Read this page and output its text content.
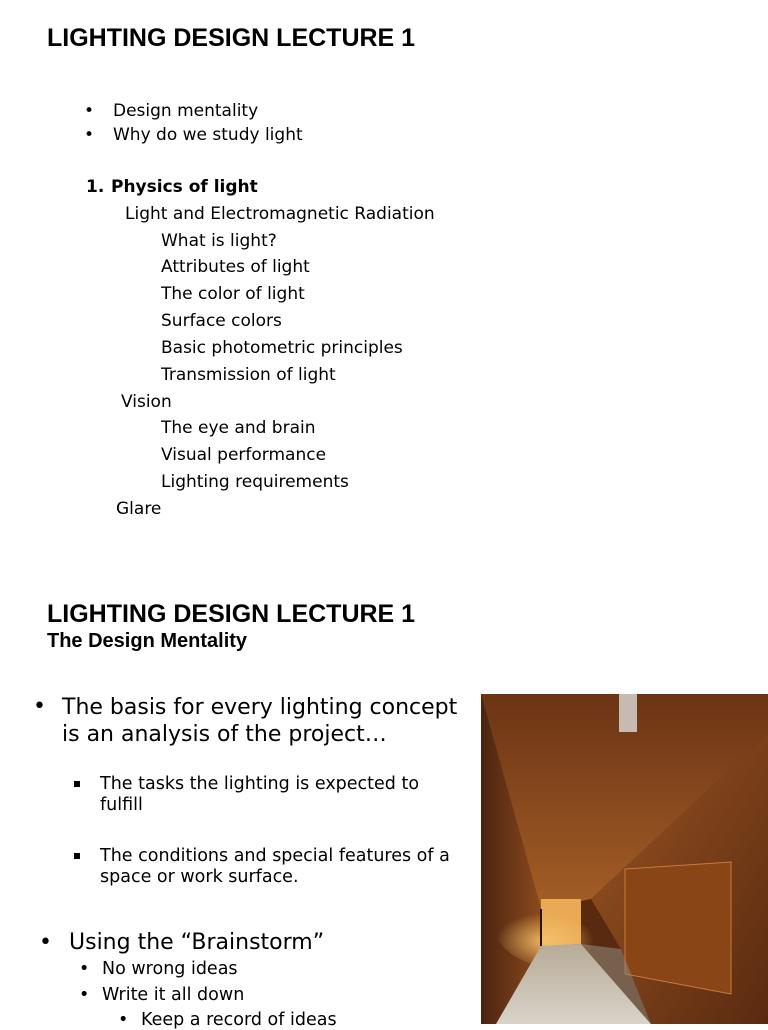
LIGHTING DESIGN LECTURE 1
• Design mentality
• Why do we study light
1. Physics of light
Light and Electromagnetic Radiation
What is light?
Attributes of light
The color of light
Surface colors
Basic photometric principles
Transmission of light
Vision
The eye and brain
Visual performance
Lighting requirements
Glare
LIGHTING DESIGN LECTURE 1
The Design Mentality
• The basis for every lighting concept is an analysis of the project…
The tasks the lighting is expected to fulfill
The conditions and special features of a space or work surface.
• Using the “Brainstorm”
• No wrong ideas
• Write it all down
• Keep a record of ideas
